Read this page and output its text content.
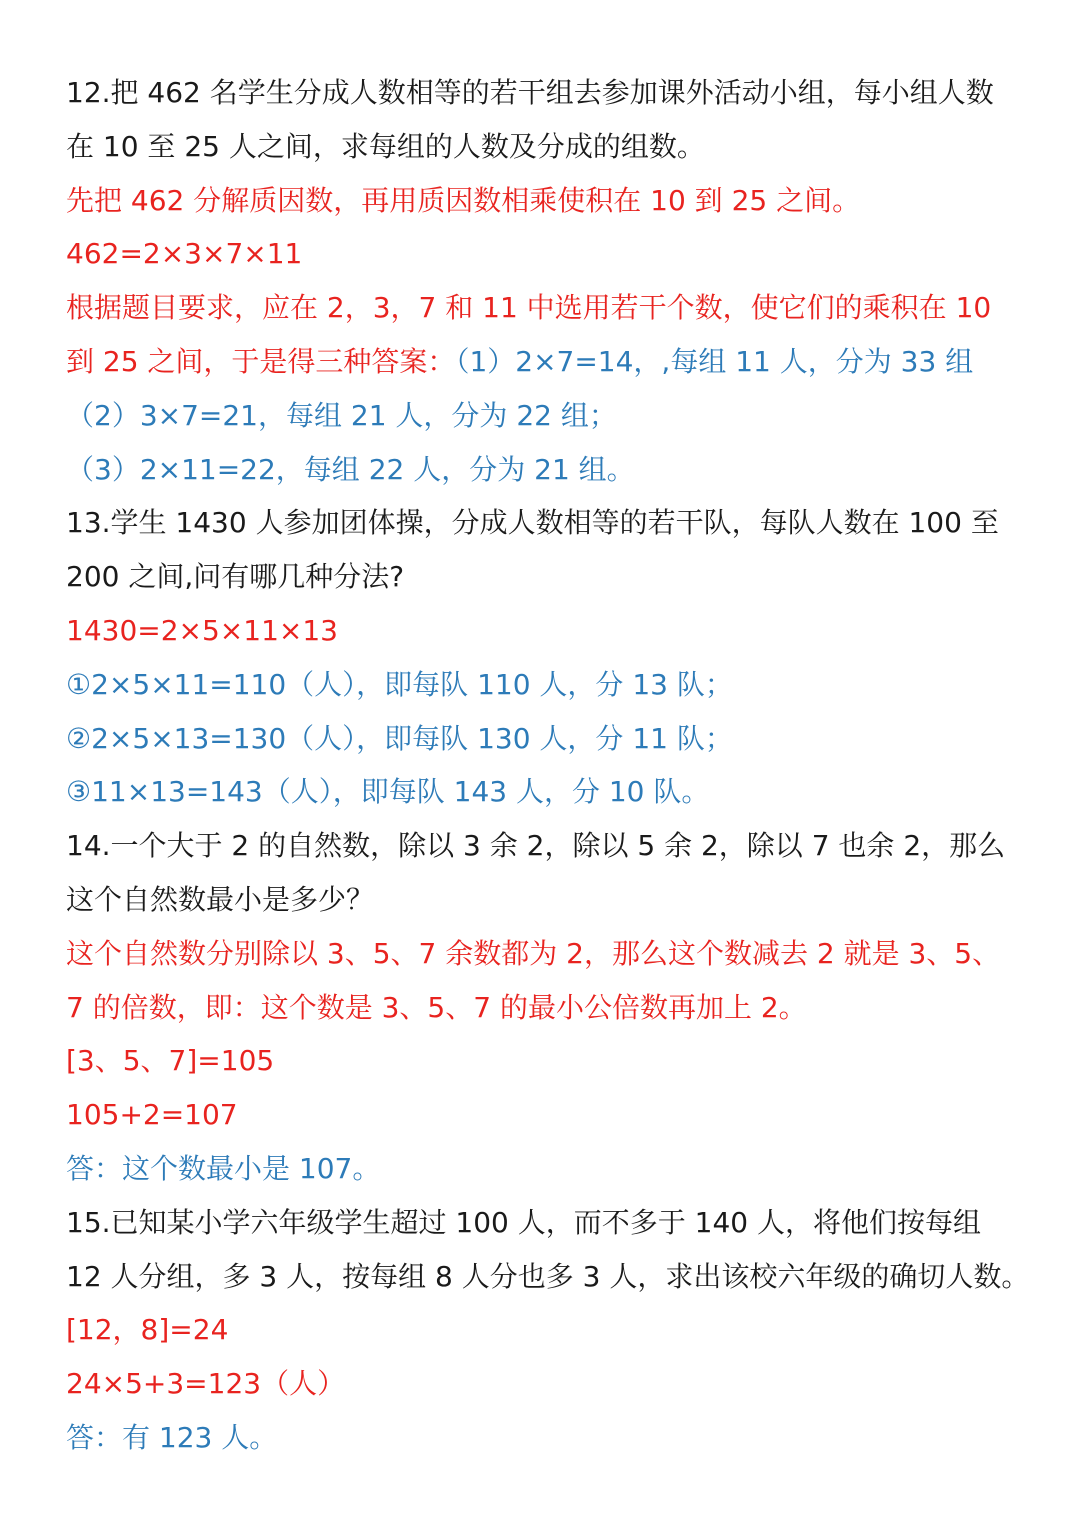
12.把 462 名学生分成人数相等的若干组去参加课外活动小组，每小组人数
在 10 至 25 人之间，求每组的人数及分成的组数。
先把 462 分解质因数，再用质因数相乘使积在 10 到 25 之间。
462=2×3×7×11
根据题目要求，应在 2，3，7 和 11 中选用若干个数，使它们的乘积在 10
到 25 之间，于是得三种答案：（1）2×7=14，,每组 11 人，分为 33 组
（2）3×7=21，每组 21 人，分为 22 组；
（3）2×11=22，每组 22 人，分为 21 组。
13.学生 1430 人参加团体操，分成人数相等的若干队，每队人数在 100 至
200 之间,问有哪几种分法?
1430=2×5×11×13
①2×5×11=110（人），即每队 110 人，分 13 队；
②2×5×13=130（人），即每队 130 人，分 11 队；
③11×13=143（人），即每队 143 人，分 10 队。
14.一个大于 2 的自然数，除以 3 余 2，除以 5 余 2，除以 7 也余 2，那么
这个自然数最小是多少？
这个自然数分别除以 3、5、7 余数都为 2，那么这个数减去 2 就是 3、5、
7 的倍数，即：这个数是 3、5、7 的最小公倍数再加上 2。
[3、5、7]=105
105+2=107
答：这个数最小是 107。
15.已知某小学六年级学生超过 100 人，而不多于 140 人，将他们按每组
12 人分组，多 3 人，按每组 8 人分也多 3 人，求出该校六年级的确切人数。
[12，8]=24
24×5+3=123（人）
答：有 123 人。
